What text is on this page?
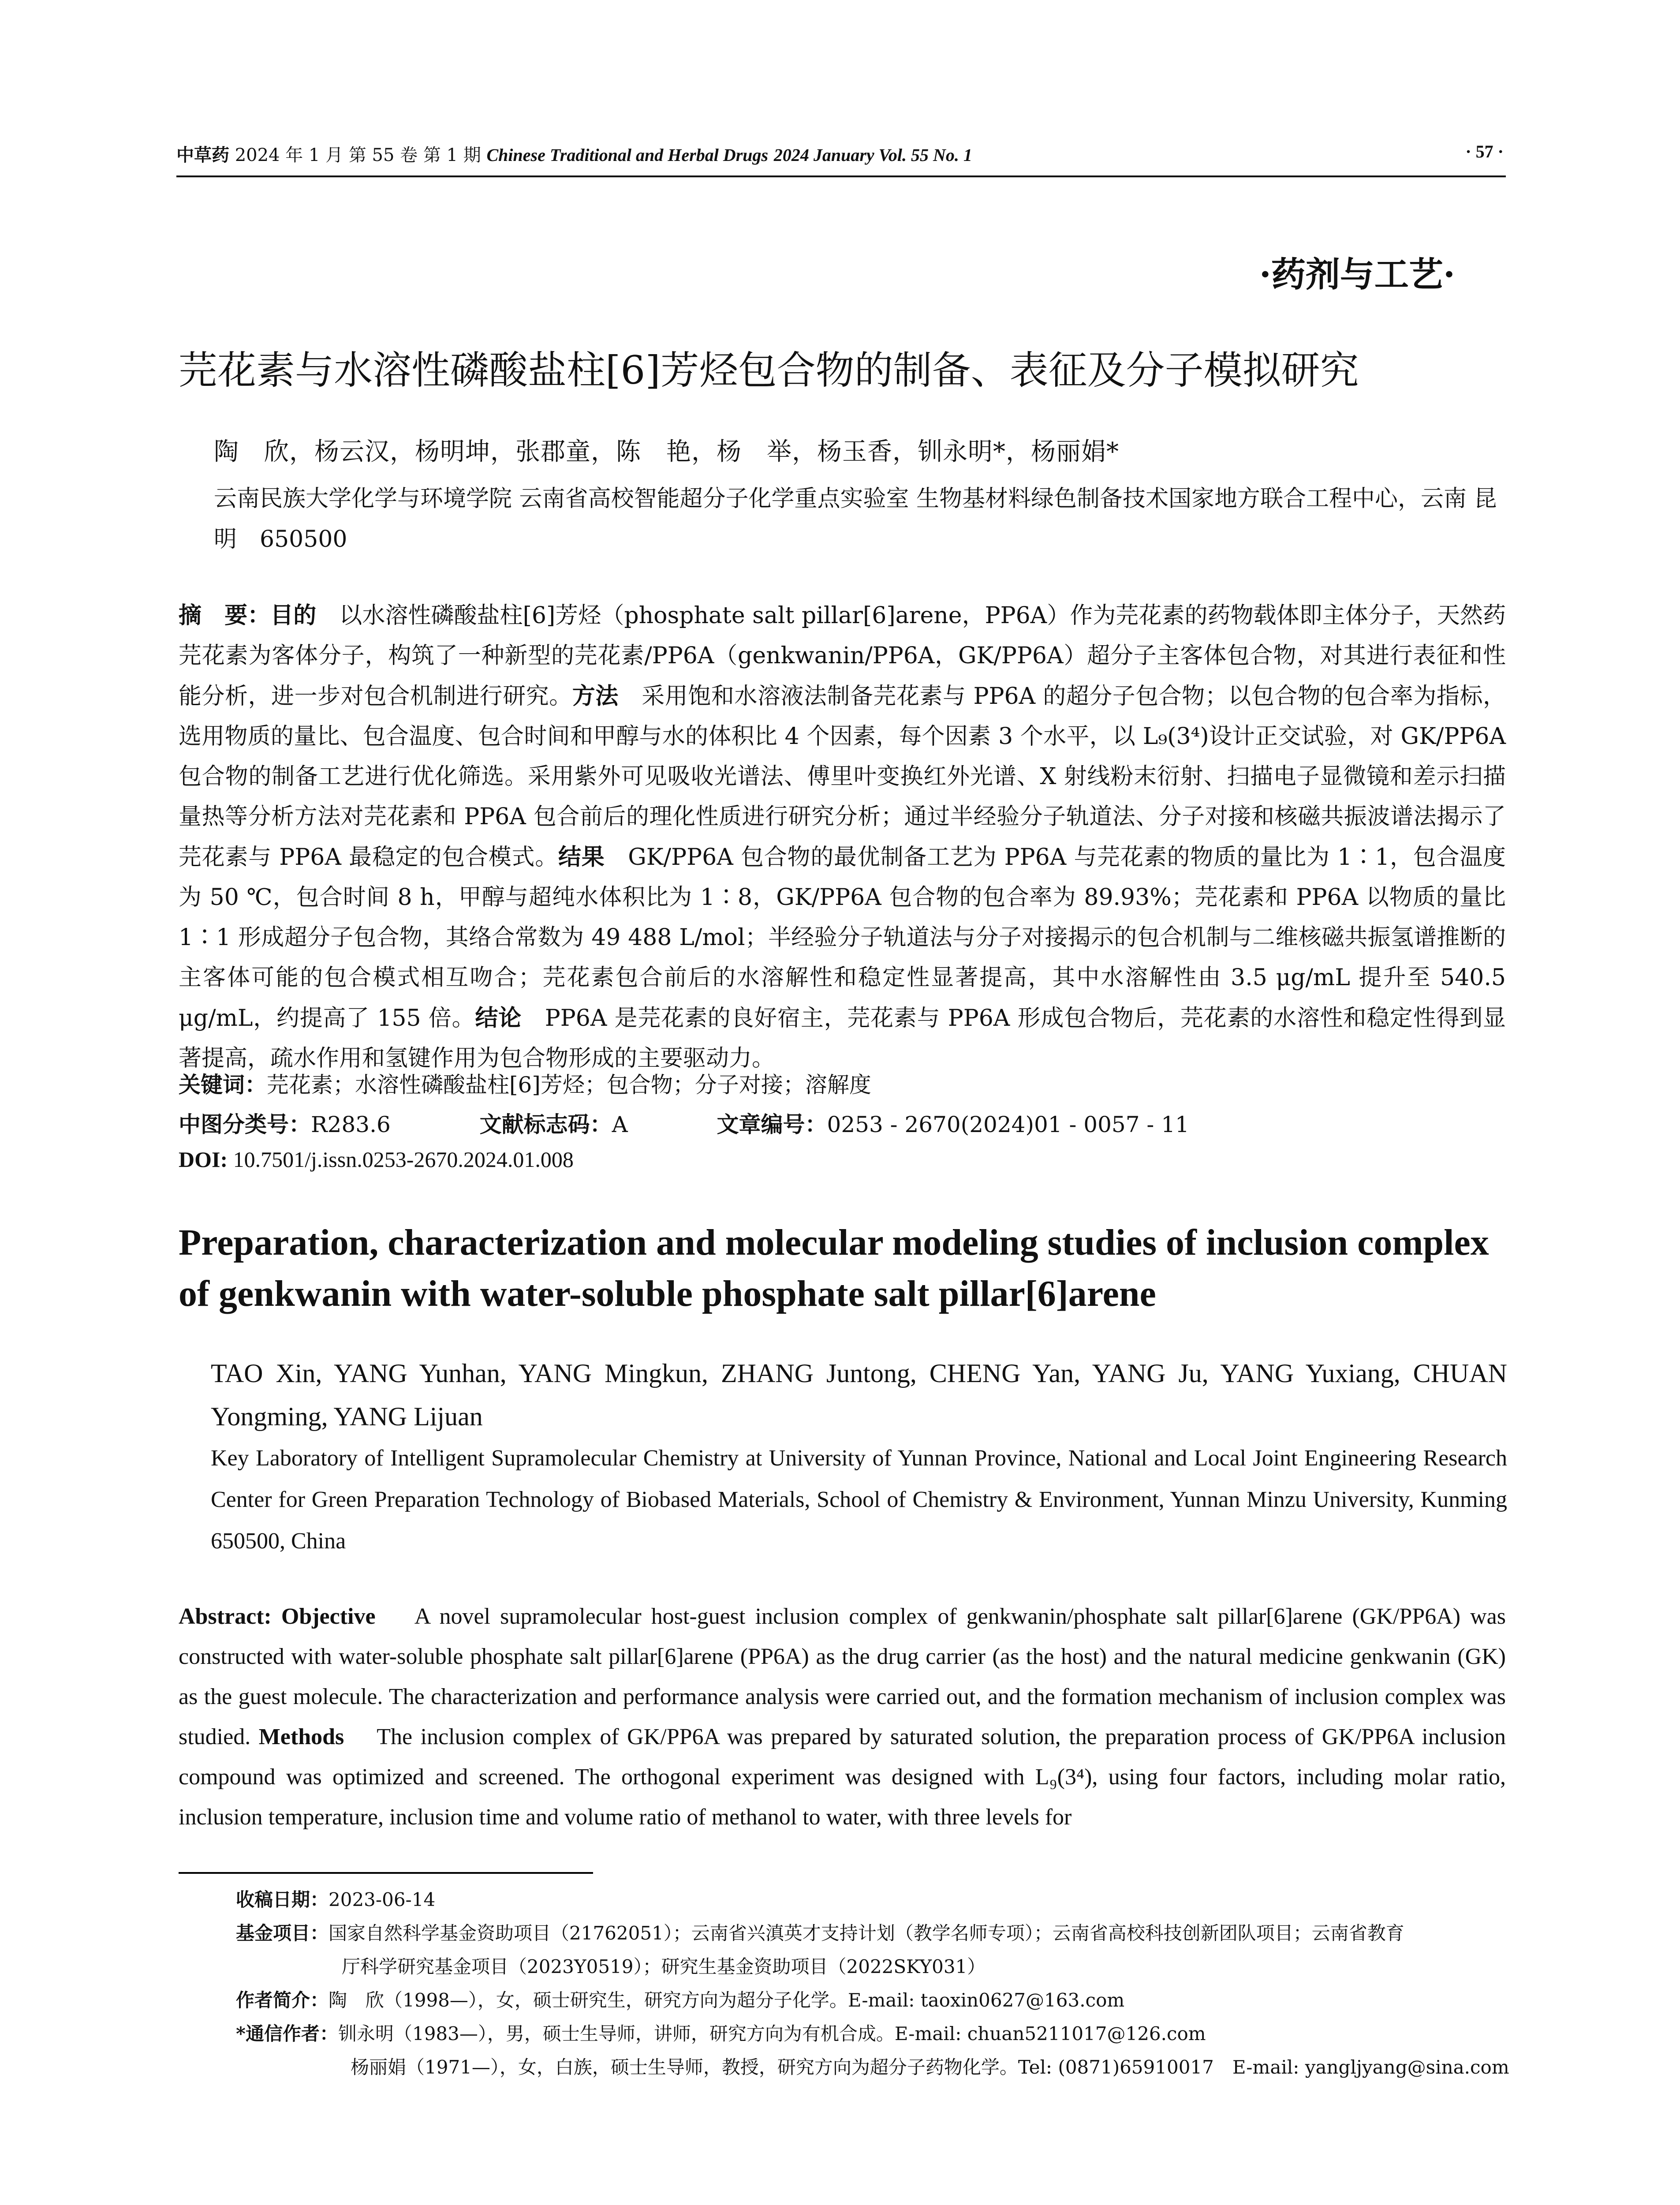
中草药 2024 年 1 月 第 55 卷 第 1 期 Chinese Traditional and Herbal Drugs 2024 January Vol. 55 No. 1	· 57 ·
·药剂与工艺·
芫花素与水溶性磷酸盐柱[6]芳烃包合物的制备、表征及分子模拟研究
陶　欣，杨云汉，杨明坤，张郡童，陈　艳，杨　举，杨玉香，钏永明*，杨丽娟*
云南民族大学化学与环境学院 云南省高校智能超分子化学重点实验室 生物基材料绿色制备技术国家地方联合工程中心，云南 昆明　650500
摘　要：目的　 以水溶性磷酸盐柱[6]芳烃（phosphate salt pillar[6]arene，PP6A）作为芫花素的药物载体即主体分子，天然药芫花素为客体分子，构筑了一种新型的芫花素/PP6A（genkwanin/PP6A，GK/PP6A）超分子主客体包合物，对其进行表征和性能分析，进一步对包合机制进行研究。方法　 采用饱和水溶液法制备芫花素与 PP6A 的超分子包合物；以包合物的包合率为指标，选用物质的量比、包合温度、包合时间和甲醇与水的体积比 4 个因素，每个因素 3 个水平，以 L₉(3⁴)设计正交试验，对 GK/PP6A 包合物的制备工艺进行优化筛选。采用紫外可见吸收光谱法、傅里叶变换红外光谱、X 射线粉末衍射、扫描电子显微镜和差示扫描量热等分析方法对芫花素和 PP6A 包合前后的理化性质进行研究分析；通过半经验分子轨道法、分子对接和核磁共振波谱法揭示了芫花素与 PP6A 最稳定的包合模式。结果　 GK/PP6A 包合物的最优制备工艺为 PP6A 与芫花素的物质的量比为 1∶1，包合温度为 50 ℃，包合时间 8 h，甲醇与超纯水体积比为 1∶8，GK/PP6A 包合物的包合率为 89.93%；芫花素和 PP6A 以物质的量比 1∶1 形成超分子包合物，其络合常数为 49 488 L/mol；半经验分子轨道法与分子对接揭示的包合机制与二维核磁共振氢谱推断的主客体可能的包合模式相互吻合；芫花素包合前后的水溶解性和稳定性显著提高，其中水溶解性由 3.5 μg/mL 提升至 540.5 μg/mL，约提高了 155 倍。结论　 PP6A 是芫花素的良好宿主，芫花素与 PP6A 形成包合物后，芫花素的水溶性和稳定性得到显著提高，疏水作用和氢键作用为包合物形成的主要驱动力。
关键词：芫花素；水溶性磷酸盐柱[6]芳烃；包合物；分子对接；溶解度
中图分类号：R283.6	文献标志码：A	文章编号：0253 - 2670(2024)01 - 0057 - 11
DOI: 10.7501/j.issn.0253-2670.2024.01.008
Preparation, characterization and molecular modeling studies of inclusion complex of genkwanin with water-soluble phosphate salt pillar[6]arene
TAO Xin, YANG Yunhan, YANG Mingkun, ZHANG Juntong, CHENG Yan, YANG Ju, YANG Yuxiang, CHUAN Yongming, YANG Lijuan
Key Laboratory of Intelligent Supramolecular Chemistry at University of Yunnan Province, National and Local Joint Engineering Research Center for Green Preparation Technology of Biobased Materials, School of Chemistry & Environment, Yunnan Minzu University, Kunming 650500, China
Abstract: Objective A novel supramolecular host-guest inclusion complex of genkwanin/phosphate salt pillar[6]arene (GK/PP6A) was constructed with water-soluble phosphate salt pillar[6]arene (PP6A) as the drug carrier (as the host) and the natural medicine genkwanin (GK) as the guest molecule. The characterization and performance analysis were carried out, and the formation mechanism of inclusion complex was studied. Methods The inclusion complex of GK/PP6A was prepared by saturated solution, the preparation process of GK/PP6A inclusion compound was optimized and screened. The orthogonal experiment was designed with L₉(3⁴), using four factors, including molar ratio, inclusion temperature, inclusion time and volume ratio of methanol to water, with three levels for
收稿日期：2023-06-14
基金项目：国家自然科学基金资助项目（21762051）；云南省兴滇英才支持计划（教学名师专项）；云南省高校科技创新团队项目；云南省教育
厅科学研究基金项目（2023Y0519）；研究生基金资助项目（2022SKY031）
作者简介：陶　欣（1998—），女，硕士研究生，研究方向为超分子化学。E-mail: taoxin0627@163.com
*通信作者：钏永明（1983—），男，硕士生导师，讲师，研究方向为有机合成。E-mail: chuan5211017@126.com
杨丽娟（1971—），女，白族，硕士生导师，教授，研究方向为超分子药物化学。Tel: (0871)65910017　E-mail: yangljyang@sina.com
